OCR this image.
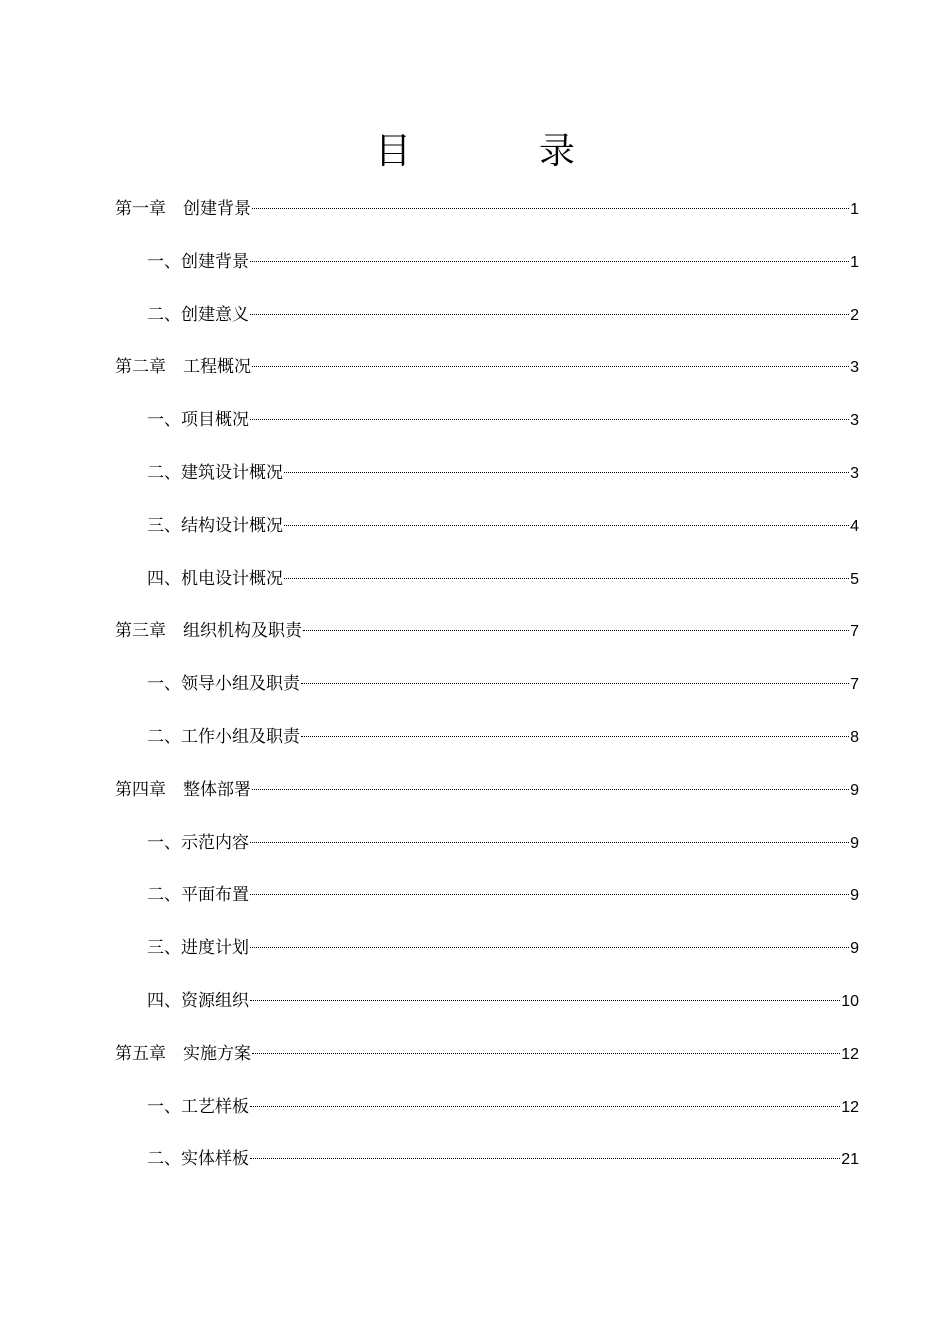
目　录
第一章　创建背景	1
一、创建背景	1
二、创建意义	2
第二章　工程概况	3
一、项目概况	3
二、建筑设计概况	3
三、结构设计概况	4
四、机电设计概况	5
第三章　组织机构及职责	7
一、领导小组及职责	7
二、工作小组及职责	8
第四章　整体部署	9
一、示范内容	9
二、平面布置	9
三、进度计划	9
四、资源组织	10
第五章　实施方案	12
一、工艺样板	12
二、实体样板	21
